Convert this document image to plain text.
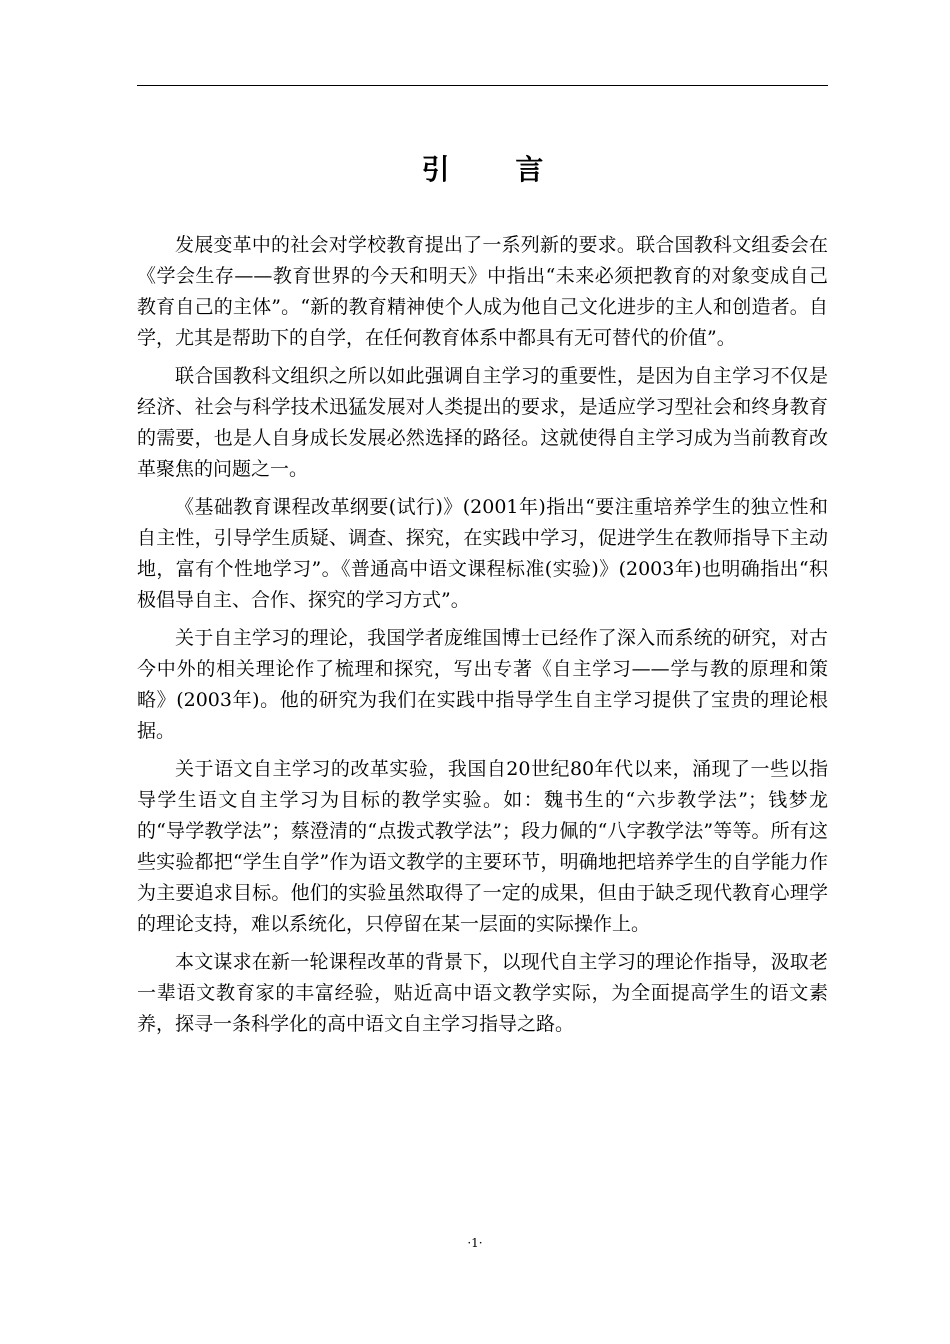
引 言

发展变革中的社会对学校教育提出了一系列新的要求。联合国教科文组委会在《学会生存——教育世界的今天和明天》中指出“未来必须把教育的对象变成自己教育自己的主体”。“新的教育精神使个人成为他自己文化进步的主人和创造者。自学，尤其是帮助下的自学，在任何教育体系中都具有无可替代的价值”。

联合国教科文组织之所以如此强调自主学习的重要性，是因为自主学习不仅是经济、社会与科学技术迅猛发展对人类提出的要求，是适应学习型社会和终身教育的需要，也是人自身成长发展必然选择的路径。这就使得自主学习成为当前教育改革聚焦的问题之一。

《基础教育课程改革纲要(试行)》(2001年)指出“要注重培养学生的独立性和自主性，引导学生质疑、调查、探究，在实践中学习，促进学生在教师指导下主动地，富有个性地学习”。《普通高中语文课程标准(实验)》(2003年)也明确指出“积极倡导自主、合作、探究的学习方式”。

关于自主学习的理论，我国学者庞维国博士已经作了深入而系统的研究，对古今中外的相关理论作了梳理和探究，写出专著《自主学习——学与教的原理和策略》(2003年)。他的研究为我们在实践中指导学生自主学习提供了宝贵的理论根据。

关于语文自主学习的改革实验，我国自20世纪80年代以来，涌现了一些以指导学生语文自主学习为目标的教学实验。如：魏书生的“六步教学法”；钱梦龙的“导学教学法”；蔡澄清的“点拨式教学法”；段力佩的“八字教学法”等等。所有这些实验都把“学生自学”作为语文教学的主要环节，明确地把培养学生的自学能力作为主要追求目标。他们的实验虽然取得了一定的成果，但由于缺乏现代教育心理学的理论支持，难以系统化，只停留在某一层面的实际操作上。

本文谋求在新一轮课程改革的背景下，以现代自主学习的理论作指导，汲取老一辈语文教育家的丰富经验，贴近高中语文教学实际，为全面提高学生的语文素养，探寻一条科学化的高中语文自主学习指导之路。

·1·
